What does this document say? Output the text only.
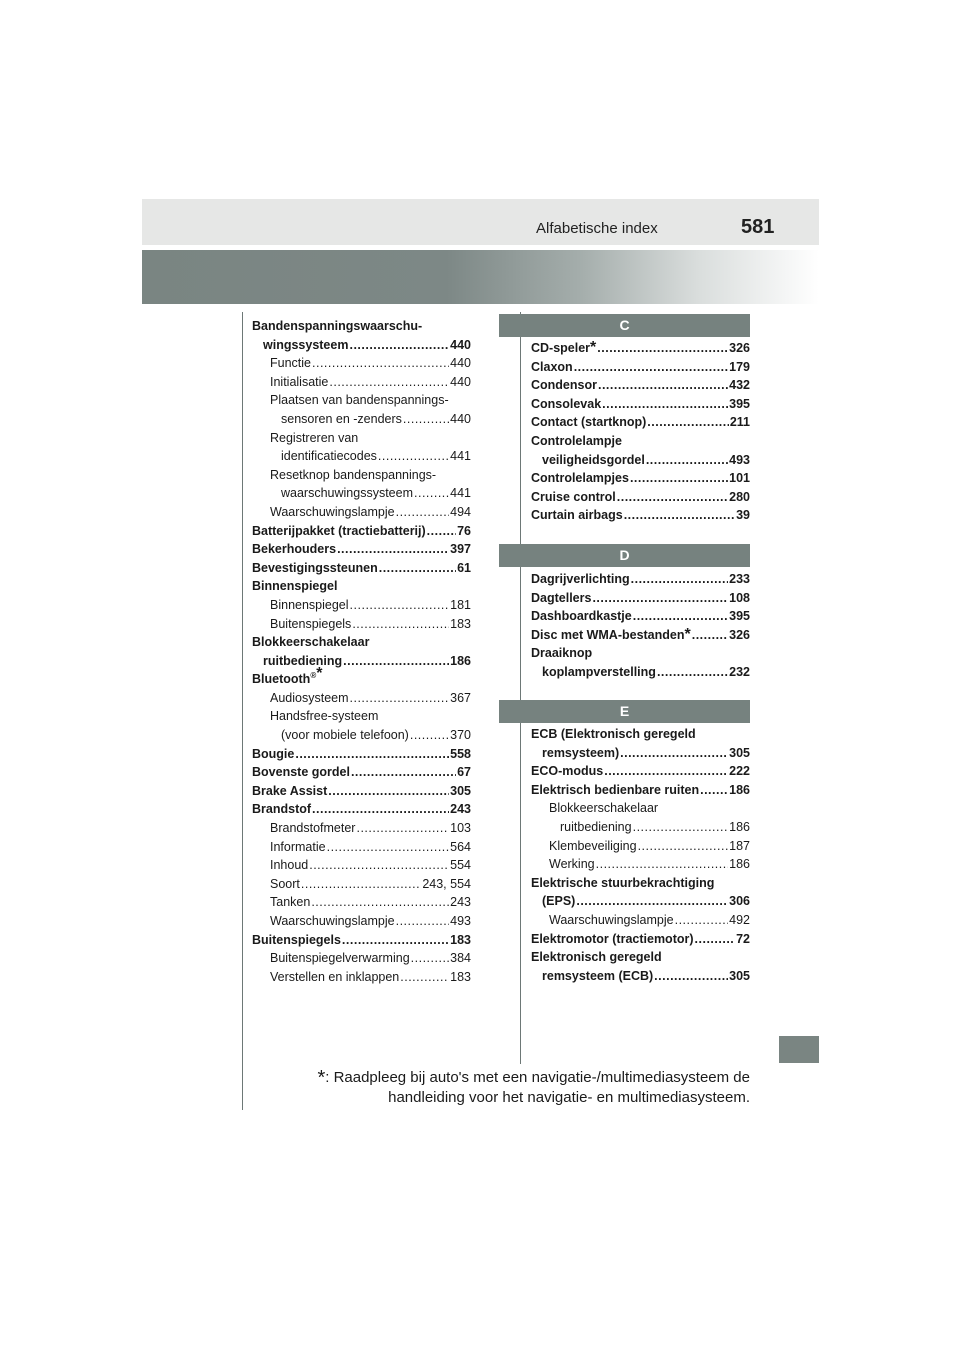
Alfabetische index	581
Bandenspanningswaarschu-
wingssysteem .....	440
Functie .....	440
Initialisatie .....	440
Plaatsen van bandenspannings-
sensoren en -zenders .....	440
Registreren van
identificatiecodes .....	441
Resetknop bandenspannings-
waarschuwingssysteem .....	441
Waarschuwingslampje .....	494
Batterijpakket (tractiebatterij) .....	76
Bekerhouders .....	397
Bevestigingssteunen .....	61
Binnenspiegel
Binnenspiegel .....	181
Buitenspiegels .....	183
Blokkeerschakelaar
ruitbediening .....	186
Bluetooth®*
Audiosysteem .....	367
Handsfree-systeem
(voor mobiele telefoon) .....	370
Bougie .....	558
Bovenste gordel .....	67
Brake Assist .....	305
Brandstof .....	243
Brandstofmeter .....	103
Informatie .....	564
Inhoud .....	554
Soort .....	243, 554
Tanken .....	243
Waarschuwingslampje .....	493
Buitenspiegels .....	183
Buitenspiegelverwarming .....	384
Verstellen en inklappen .....	183
C
CD-speler * .....	326
Claxon .....	179
Condensor .....	432
Consolevak .....	395
Contact (startknop) .....	211
Controlelampje
veiligheidsgordel .....	493
Controlelampjes .....	101
Cruise control .....	280
Curtain airbags .....	39
D
Dagrijverlichting .....	233
Dagtellers .....	108
Dashboardkastje .....	395
Disc met WMA-bestanden * .....	326
Draaiknop
koplampverstelling .....	232
E
ECB (Elektronisch geregeld
remsysteem) .....	305
ECO-modus .....	222
Elektrisch bedienbare ruiten ..... 186
Blokkeerschakelaar
ruitbediening .....	186
Klembeveiliging .....	187
Werking .....	186
Elektrische stuurbekrachtiging
(EPS) .....	306
Waarschuwingslampje .....	492
Elektromotor (tractiemotor) .....	72
Elektronisch geregeld
remsysteem (ECB) .....	305
*: Raadpleeg bij auto's met een navigatie-/multimediasysteem de
handleiding voor het navigatie- en multimediasysteem.
